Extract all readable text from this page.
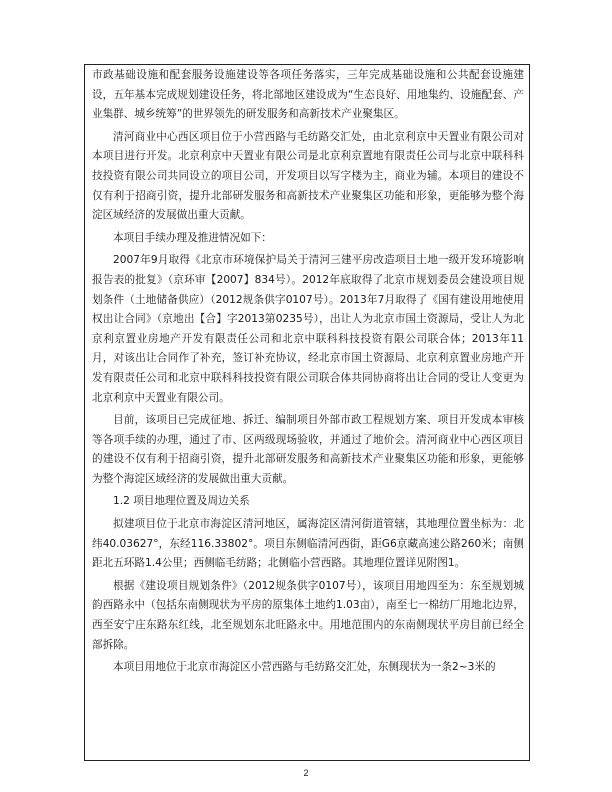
市政基础设施和配套服务设施建设等各项任务落实，三年完成基础设施和公共配套设施建设，五年基本完成规划建设任务，将北部地区建设成为“生态良好、用地集约、设施配套、产业集群、城乡统筹”的世界领先的研发服务和高新技术产业聚集区。

清河商业中心西区项目位于小营西路与毛纺路交汇处，由北京利京中天置业有限公司对本项目进行开发。北京利京中天置业有限公司是北京利京置地有限责任公司与北京中联科科技投资有限公司共同设立的项目公司，开发项目以写字楼为主，商业为辅。本项目的建设不仅有利于招商引资，提升北部研发服务和高新技术产业聚集区功能和形象，更能够为整个海淀区域经济的发展做出重大贡献。

本项目手续办理及推进情况如下：

2007年9月取得《北京市环境保护局关于清河三建平房改造项目土地一级开发环境影响报告表的批复》（京环审【2007】834号）。2012年底取得了北京市规划委员会建设项目规划条件（土地储备供应）（2012规条供字0107号）。2013年7月取得了《国有建设用地使用权出让合同》（京地出【合】字2013第0235号），出让人为北京市国土资源局，受让人为北京利京置业房地产开发有限责任公司和北京中联科科技投资有限公司联合体；2013年11月，对该出让合同作了补充，签订补充协议，经北京市国土资源局、北京利京置业房地产开发有限责任公司和北京中联科科技投资有限公司联合体共同协商将出让合同的受让人变更为北京利京中天置业有限公司。

目前，该项目已完成征地、拆迁、编制项目外部市政工程规划方案、项目开发成本审核等各项手续的办理，通过了市、区两级现场验收，并通过了地价会。清河商业中心西区项目的建设不仅有利于招商引资，提升北部研发服务和高新技术产业聚集区功能和形象，更能够为整个海淀区域经济的发展做出重大贡献。

1.2 项目地理位置及周边关系

拟建项目位于北京市海淀区清河地区，属海淀区清河街道管辖，其地理位置坐标为：北纬40.03627°，东经116.33802°。项目东侧临清河西街，距G6京藏高速公路260米；南侧距北五环路1.4公里；西侧临毛纺路；北侧临小营西路。其地理位置详见附图1。

根据《建设项目规划条件》（2012规条供字0107号），该项目用地四至为：东至规划城韵西路永中（包括东南侧现状为平房的原集体土地约1.03亩），南至七一棉纺厂用地北边界，西至安宁庄东路东红线，北至规划东北旺路永中。用地范围内的东南侧现状平房目前已经全部拆除。

本项目用地位于北京市海淀区小营西路与毛纺路交汇处，东侧现状为一条2~3米的

2
